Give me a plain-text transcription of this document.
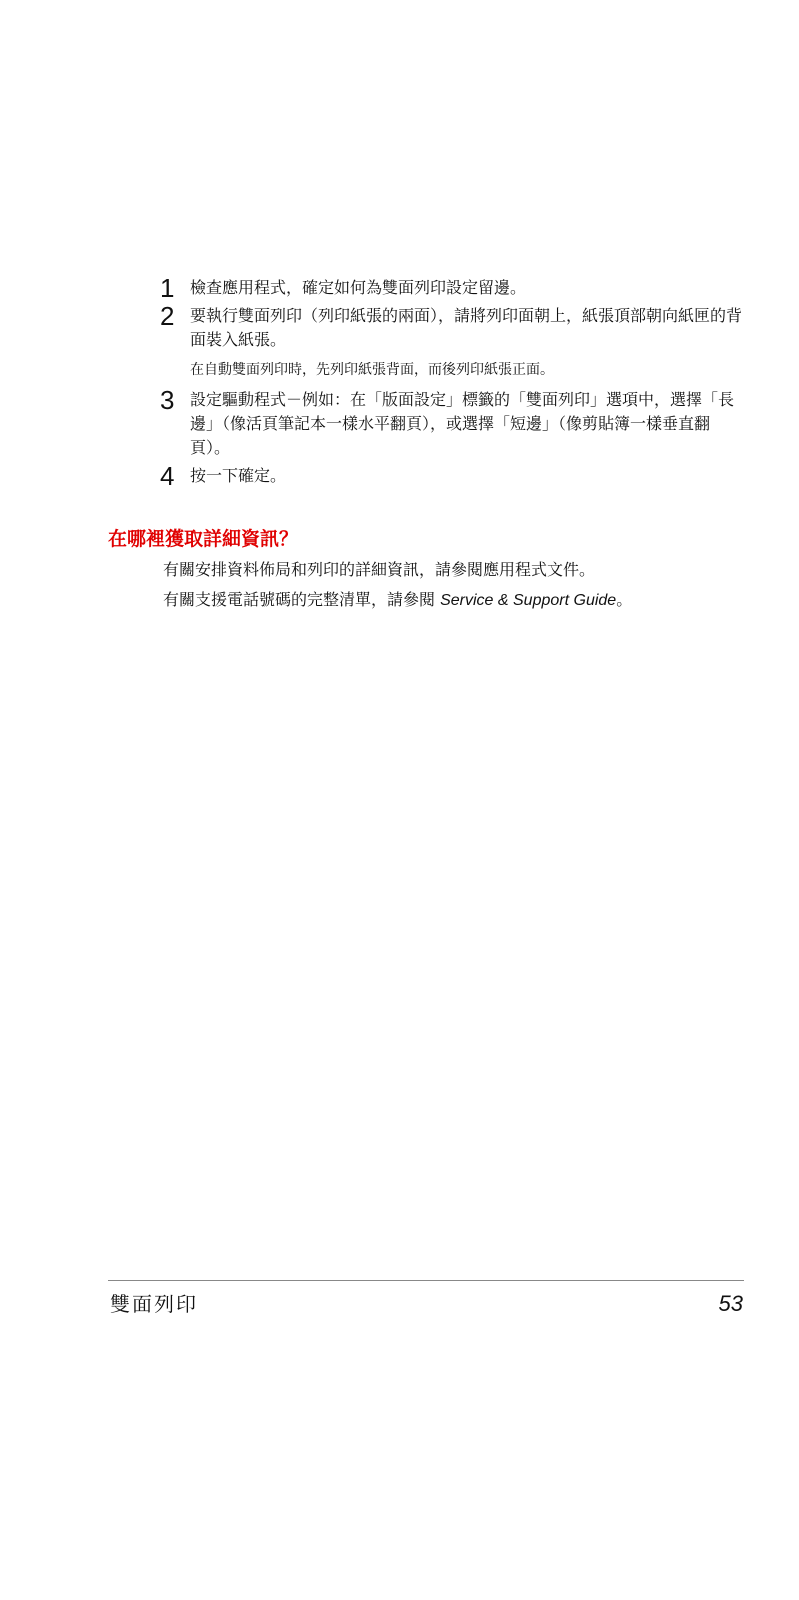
1 檢查應用程式，確定如何為雙面列印設定留邊。
2 要執行雙面列印（列印紙張的兩面），請將列印面朝上，紙張頂部朝向紙匣的背面裝入紙張。
在自動雙面列印時，先列印紙張背面，而後列印紙張正面。
3 設定驅動程式－例如：在「版面設定」標籤的「雙面列印」選項中，選擇「長邊」（像活頁筆記本一樣水平翻頁），或選擇「短邊」（像剪貼簿一樣垂直翻頁）。
4 按一下確定。
在哪裡獲取詳細資訊？

有關安排資料佈局和列印的詳細資訊，請參閱應用程式文件。

有關支援電話號碼的完整清單，請參閱 Service & Support Guide。

雙面列印	53
